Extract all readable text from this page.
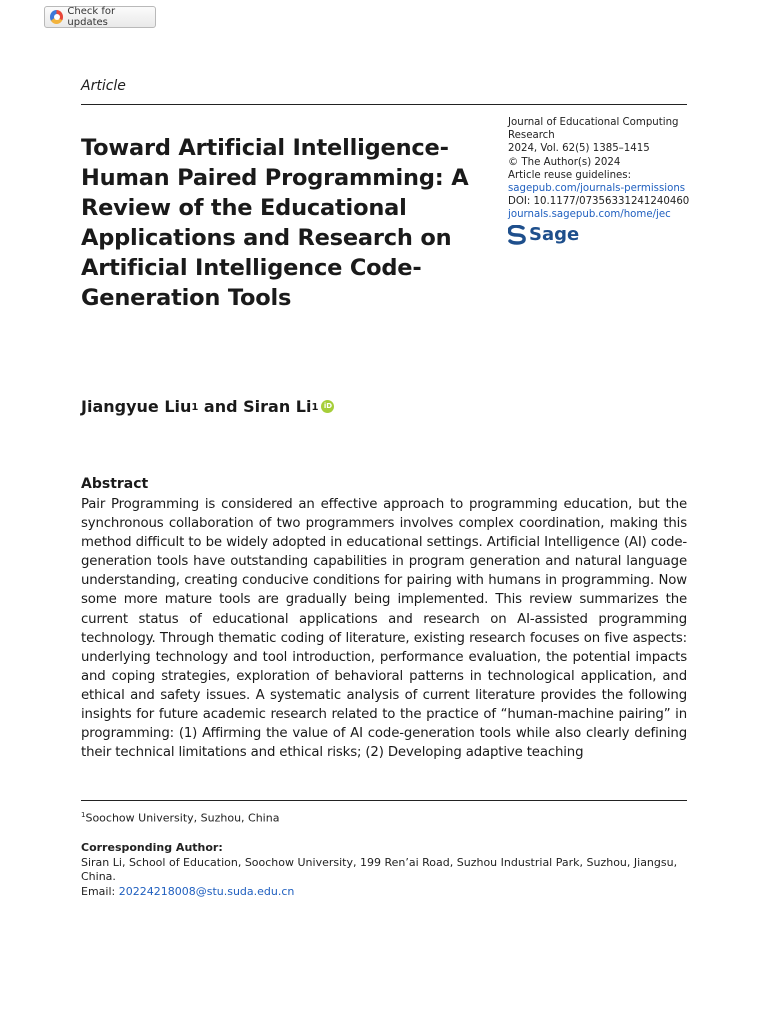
Check for updates
Article
Toward Artificial Intelligence-Human Paired Programming: A Review of the Educational Applications and Research on Artificial Intelligence Code-Generation Tools
Journal of Educational Computing Research
2024, Vol. 62(5) 1385–1415
© The Author(s) 2024
Article reuse guidelines:
sagepub.com/journals-permissions
DOI: 10.1177/07356331241240460
journals.sagepub.com/home/jec
Sage
Jiangyue Liu$^1$ and Siran Li$^1$ iD
Abstract

Pair Programming is considered an effective approach to programming education, but the synchronous collaboration of two programmers involves complex coordination, making this method difficult to be widely adopted in educational settings. Artificial Intelligence (AI) code-generation tools have outstanding capabilities in program generation and natural language understanding, creating conducive conditions for pairing with humans in programming. Now some more mature tools are gradually being implemented. This review summarizes the current status of educational applications and research on AI-assisted programming technology. Through thematic coding of literature, existing research focuses on five aspects: underlying technology and tool introduction, performance evaluation, the potential impacts and coping strategies, exploration of behavioral patterns in technological application, and ethical and safety issues. A systematic analysis of current literature provides the following insights for future academic research related to the practice of “human-machine pairing” in programming: (1) Affirming the value of AI code-generation tools while also clearly defining their technical limitations and ethical risks; (2) Developing adaptive teaching

$^1$Soochow University, Suzhou, China
Corresponding Author:
Siran Li, School of Education, Soochow University, 199 Ren’ai Road, Suzhou Industrial Park, Suzhou, Jiangsu, China.
Email: 20224218008@stu.suda.edu.cn
